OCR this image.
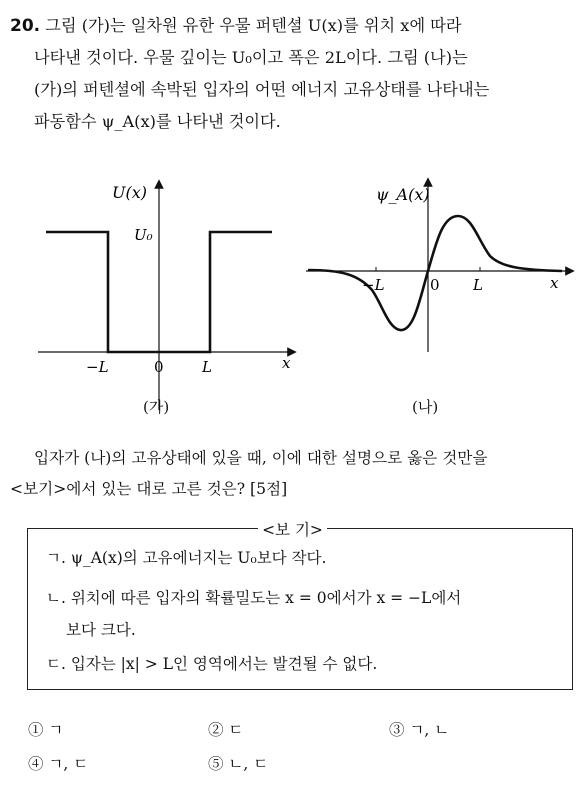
20. 그림 (가)는 일차원 유한 우물 퍼텐셜 U(x)를 위치 x에 따라
나타낸 것이다. 우물 깊이는 U₀이고 폭은 2L이다. 그림 (나)는
(가)의 퍼텐셜에 속박된 입자의 어떤 에너지 고유상태를 나타내는
파동함수 ψ_A(x)를 나타낸 것이다.
U(x)
U₀
−L	0	L	x
(가)
ψ_A(x)
−L	0 L	x
(나)
입자가 (나)의 고유상태에 있을 때, 이에 대한 설명으로 옳은 것만을
<보기>에서 있는 대로 고른 것은? [5점]
ㄱ. ψ_A(x)의 고유에너지는 U₀보다 작다.
ㄴ. 위치에 따른 입자의 확률밀도는 x = 0에서가 x = −L에서
보다 크다.
ㄷ. 입자는 |x| > L인 영역에서는 발견될 수 없다.
<보 기>
① ㄱ	② ㄷ	③ ㄱ, ㄴ
④ ㄱ, ㄷ	⑤ ㄴ, ㄷ
